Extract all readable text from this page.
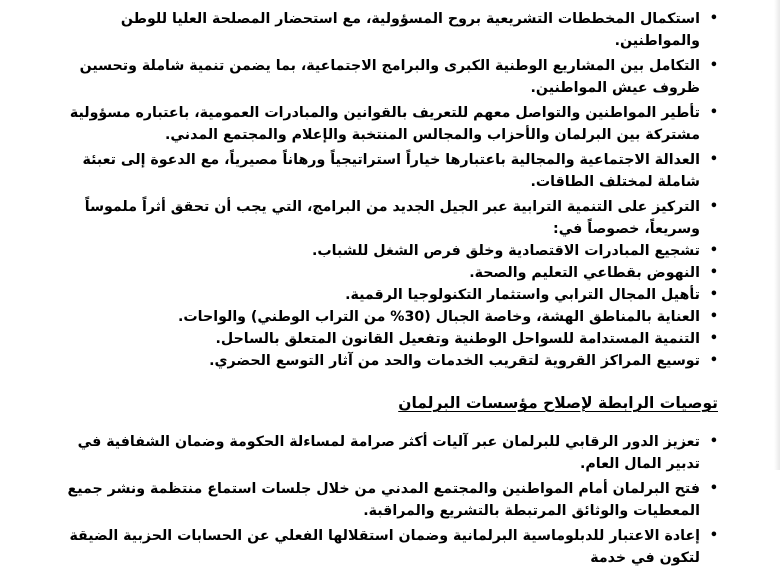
•
استكمال المخططات التشريعية بروح المسؤولية، مع استحضار المصلحة العليا للوطن والمواطنين.
•
التكامل بين المشاريع الوطنية الكبرى والبرامج الاجتماعية، بما يضمن تنمية شاملة وتحسين ظروف عيش المواطنين.
•
تأطير المواطنين والتواصل معهم للتعريف بالقوانين والمبادرات العمومية، باعتباره مسؤولية مشتركة بين البرلمان والأحزاب والمجالس المنتخبة والإعلام والمجتمع المدني.
•
العدالة الاجتماعية والمجالية باعتبارها خياراً استراتيجياً ورهاناً مصيرياً، مع الدعوة إلى تعبئة شاملة لمختلف الطاقات.
•
التركيز على التنمية الترابية عبر الجيل الجديد من البرامج، التي يجب أن تحقق أثراً ملموساً وسريعاً، خصوصاً في:
•
تشجيع المبادرات الاقتصادية وخلق فرص الشغل للشباب.
•
النهوض بقطاعي التعليم والصحة.
•
تأهيل المجال الترابي واستثمار التكنولوجيا الرقمية.
•
العناية بالمناطق الهشة، وخاصة الجبال (30% من التراب الوطني) والواحات.
•
التنمية المستدامة للسواحل الوطنية وتفعيل القانون المتعلق بالساحل.
•
توسيع المراكز القروية لتقريب الخدمات والحد من آثار التوسع الحضري.
توصيات الرابطة لإصلاح مؤسسات البرلمان
•
تعزيز الدور الرقابي للبرلمان عبر آليات أكثر صرامة لمساءلة الحكومة وضمان الشفافية في تدبير المال العام.
•
فتح البرلمان أمام المواطنين والمجتمع المدني من خلال جلسات استماع منتظمة ونشر جميع المعطيات والوثائق المرتبطة بالتشريع والمراقبة.
•
إعادة الاعتبار للدبلوماسية البرلمانية وضمان استقلالها الفعلي عن الحسابات الحزبية الضيقة لتكون في خدمة
